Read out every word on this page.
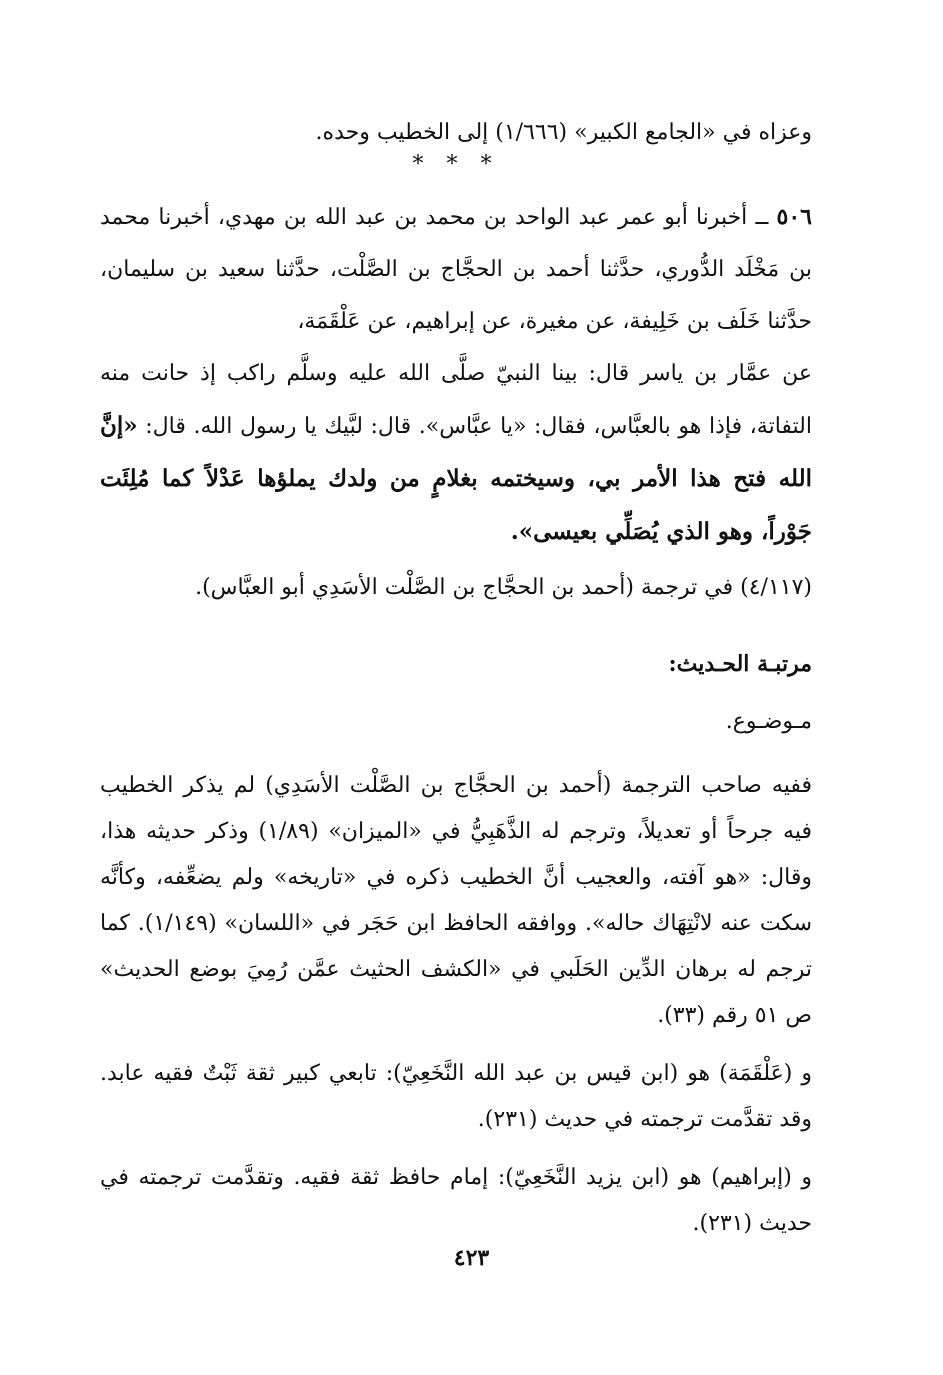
وعزاه في «الجامع الكبير» (١/٦٦٦) إلى الخطيب وحده.

* * *

٥٠٦ ــ أخبرنا أبو عمر عبد الواحد بن محمد بن عبد الله بن مهدي، أخبرنا محمد بن مَخْلَد الدُّوري، حدَّثنا أحمد بن الحجَّاج بن الصَّلْت، حدَّثنا سعيد بن سليمان، حدَّثنا خَلَف بن خَلِيفة، عن مغيرة، عن إبراهيم، عن عَلْقَمَة،

عن عمَّار بن ياسر قال: بينا النبيّ صلَّى الله عليه وسلَّم راكب إذ حانت منه التفاتة، فإذا هو بالعبَّاس، فقال: «يا عبَّاس». قال: لبَّيك يا رسول الله. قال: «إنَّ الله فتح هذا الأمر بي، وسيختمه بغلامٍ من ولدك يملؤها عَدْلاً كما مُلِئَت جَوْراً، وهو الذي يُصَلِّي بعيسى».

(٤/١١٧) في ترجمة (أحمد بن الحجَّاج بن الصَّلْت الأسَدِي أبو العبَّاس).

مرتبـة الحـديث:

مـوضـوع.

ففيه صاحب الترجمة (أحمد بن الحجَّاج بن الصَّلْت الأسَدِي) لم يذكر الخطيب فيه جرحاً أو تعديلاً، وترجم له الذَّهَبِيُّ في «الميزان» (١/٨٩) وذكر حديثه هذا، وقال: «هو آفته، والعجيب أنَّ الخطيب ذكره في «تاريخه» ولم يضعِّفه، وكأنَّه سكت عنه لانْتِهَاك حاله». ووافقه الحافظ ابن حَجَر في «اللسان» (١/١٤٩). كما ترجم له برهان الدِّين الحَلَبي في «الكشف الحثيث عمَّن رُمِيَ بوضع الحديث» ص ٥١ رقم (٣٣).

و (عَلْقَمَة) هو (ابن قيس بن عبد الله النَّخَعِيّ): تابعي كبير ثقة ثَبْتٌ فقيه عابد. وقد تقدَّمت ترجمته في حديث (٢٣١).

و (إبراهيم) هو (ابن يزيد النَّخَعِيّ): إمام حافظ ثقة فقيه. وتقدَّمت ترجمته في حديث (٢٣١).

٤٢٣
